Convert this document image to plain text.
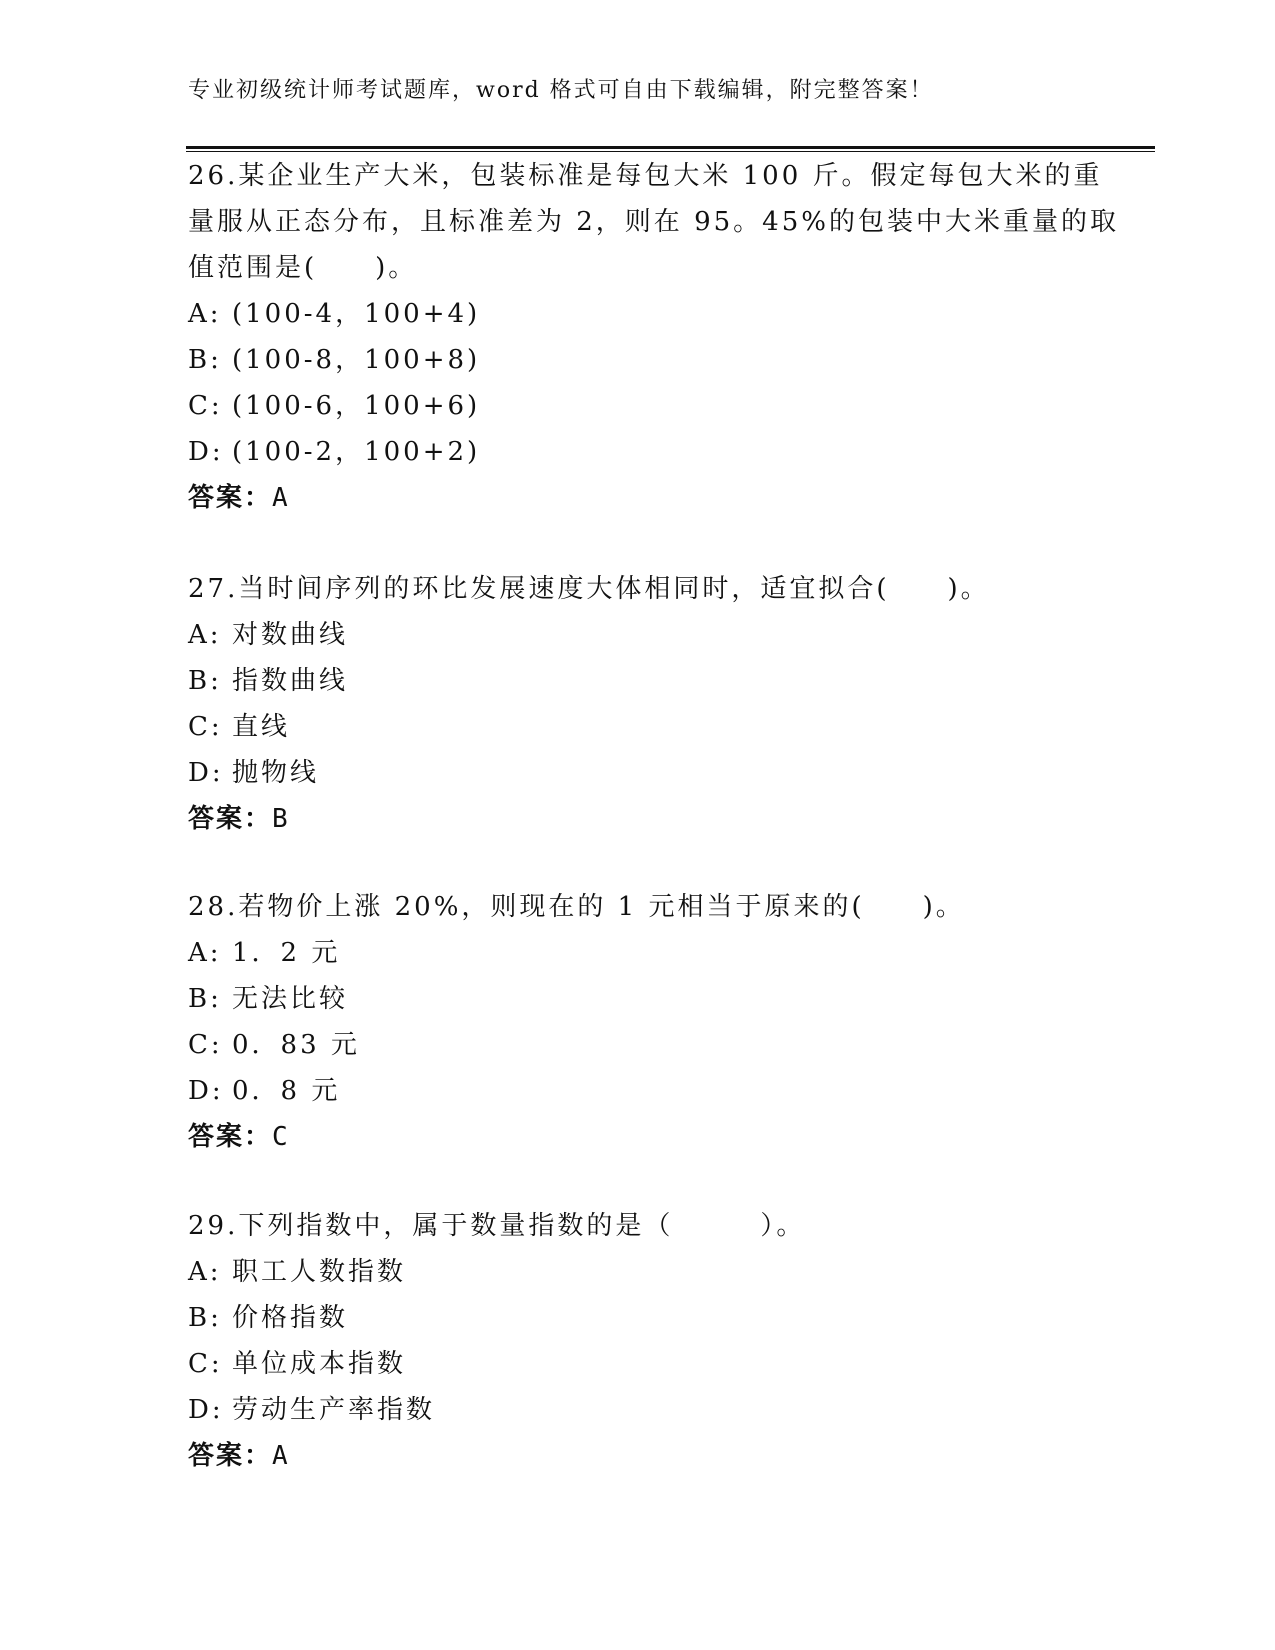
专业初级统计师考试题库，word 格式可自由下载编辑，附完整答案！
26.某企业生产大米，包装标准是每包大米 100 斤。假定每包大米的重
量服从正态分布，且标准差为 2，则在 95。45%的包装中大米重量的取
值范围是(　　)。
A: (100-4，100+4)
B: (100-8，100+8)
C: (100-6，100+6)
D: (100-2，100+2)
答案：A
27.当时间序列的环比发展速度大体相同时，适宜拟合(　　)。
A: 对数曲线
B: 指数曲线
C: 直线
D: 抛物线
答案：B
28.若物价上涨 20%，则现在的 1 元相当于原来的(　　)。
A: 1．2 元
B: 无法比较
C: 0．83 元
D: 0．8 元
答案：C
29.下列指数中，属于数量指数的是（　　　）。
A: 职工人数指数
B: 价格指数
C: 单位成本指数
D: 劳动生产率指数
答案：A
